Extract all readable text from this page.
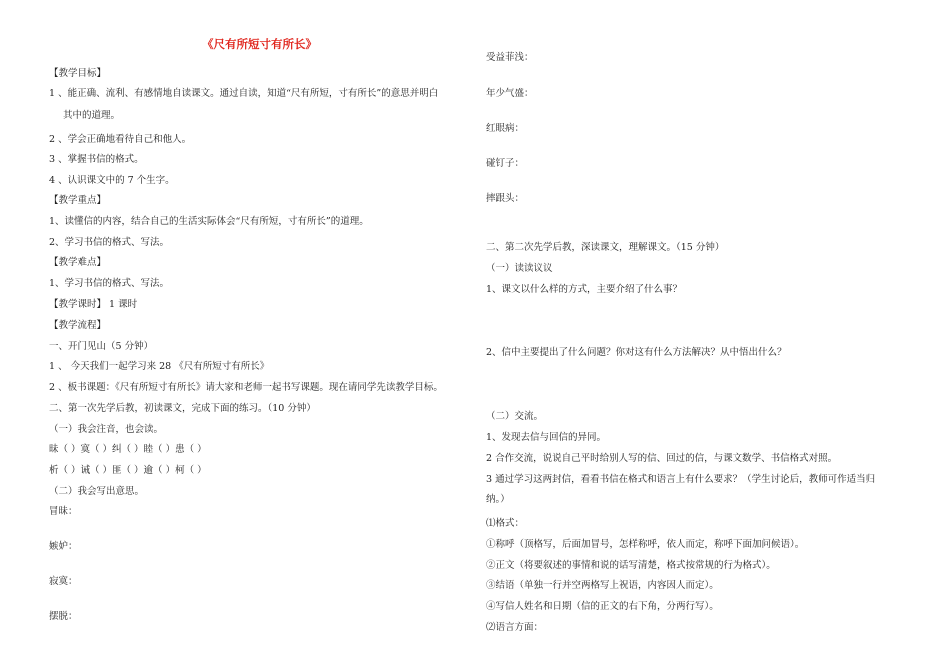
《尺有所短寸有所长》
【教学目标】
1 、能正确、流利、有感情地自读课文。通过自读，知道“尺有所短，寸有所长”的意思并明白
其中的道理。
2 、学会正确地看待自己和他人。
3 、掌握书信的格式。
4 、认识课文中的 7 个生字。
【教学重点】
1、读懂信的内容，结合自己的生活实际体会“尺有所短，寸有所长”的道理。
2、学习书信的格式、写法。
【教学难点】
1、学习书信的格式、写法。
【教学课时】 1 课时
【教学流程】
一、开门见山（5 分钟）
1 、 今天我们一起学习来 28 《尺有所短寸有所长》
2 、板书课题：《尺有所短寸有所长》请大家和老师一起书写课题。现在请同学先读教学目标。
二、第一次先学后教，初读课文，完成下面的练习。（10 分钟）
（一）我会注音，也会读。
昧（ ）寞（ ）纠（ ）睦（ ）患（ ）
析（ ）诫（ ）匪（ ）逾（ ）柯（ ）
（二）我会写出意思。
冒昧：
嫉妒：
寂寞：
摆脱：
受益菲浅：
年少气盛：
红眼病：
碰钉子：
摔跟头：
二、第二次先学后教，深读课文，理解课文。（15 分钟）
（一）读读议议
1、课文以什么样的方式，主要介绍了什么事？
2、信中主要提出了什么问题？你对这有什么方法解决？从中悟出什么？
（二）交流。
1、发现去信与回信的异同。
2 合作交流，说说自己平时给别人写的信、回过的信，与课文数学、书信格式对照。
3 通过学习这两封信，看看书信在格式和语言上有什么要求？（学生讨论后，教师可作适当归
纳。）
⑴格式：
①称呼（顶格写，后面加冒号，怎样称呼，依人而定，称呼下面加问候语）。
②正文（将要叙述的事情和说的话写清楚，格式按常规的行为格式）。
③结语（单独一行并空两格写上祝语，内容因人而定）。
④写信人姓名和日期（信的正文的右下角，分两行写）。
⑵语言方面：
